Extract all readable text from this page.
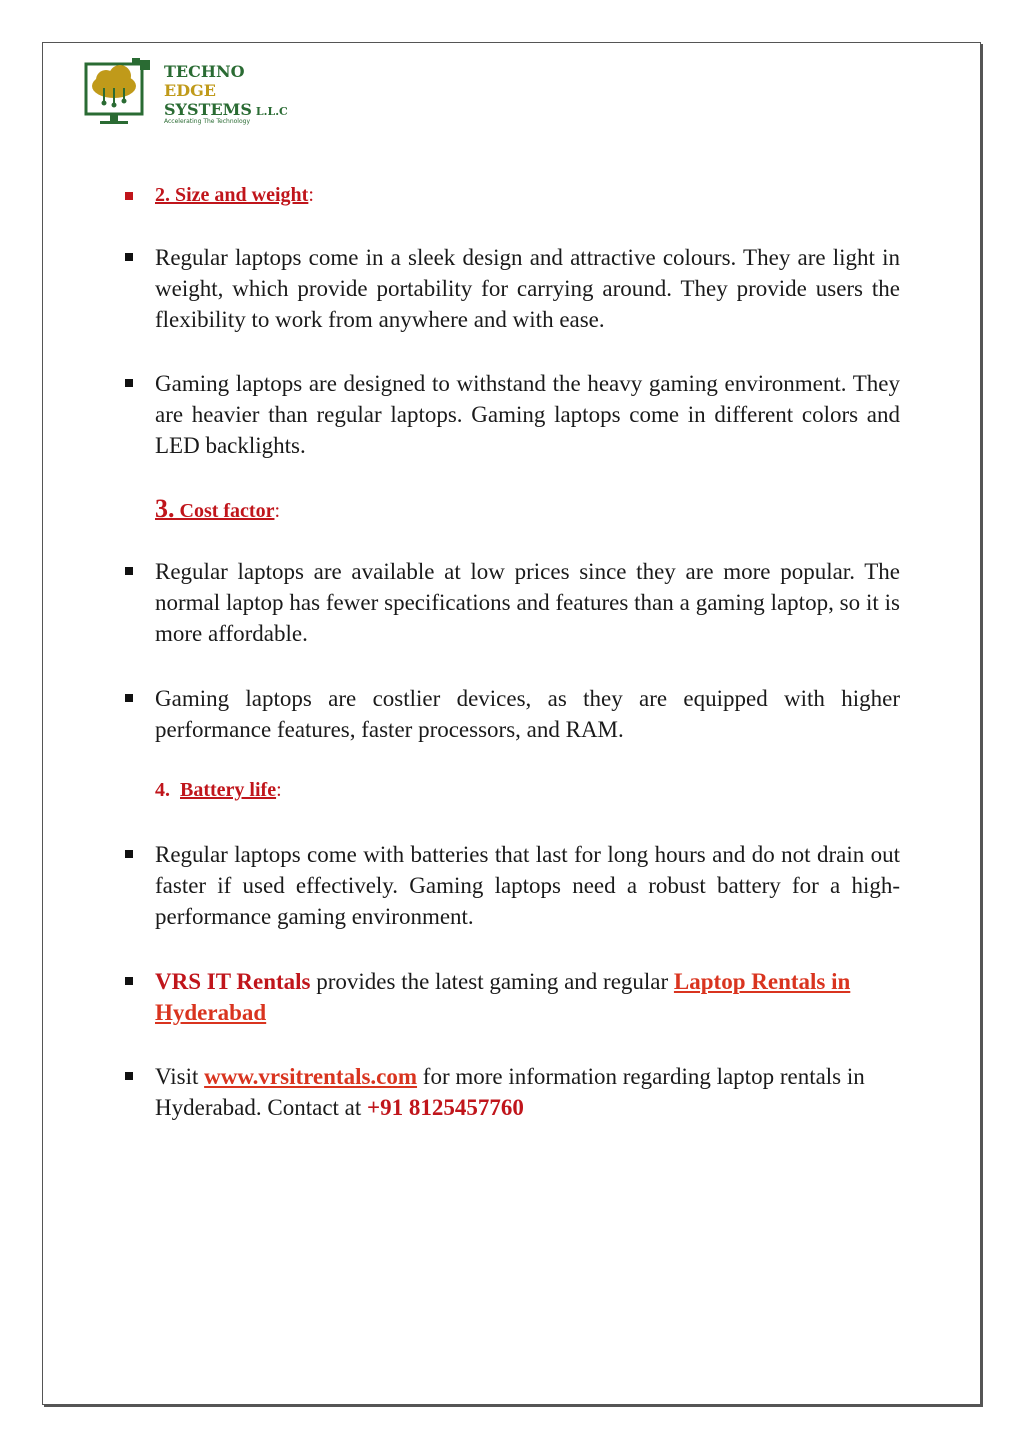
TECHNO
EDGE
SYSTEMS L.L.C
Accelerating The Technology
2. Size and weight:
Regular laptops come in a sleek design and attractive colours. They are light in weight, which provide portability for carrying around. They provide users the flexibility to work from anywhere and with ease.
Gaming laptops are designed to withstand the heavy gaming environment. They are heavier than regular laptops. Gaming laptops come in different colors and LED backlights.
3. Cost factor:
Regular laptops are available at low prices since they are more popular. The normal laptop has fewer specifications and features than a gaming laptop, so it is more affordable.
Gaming laptops are costlier devices, as they are equipped with higher performance features, faster processors, and RAM.
4. Battery life:
Regular laptops come with batteries that last for long hours and do not drain out faster if used effectively. Gaming laptops need a robust battery for a high-performance gaming environment.
VRS IT Rentals provides the latest gaming and regular Laptop Rentals in Hyderabad
Visit www.vrsitrentals.com for more information regarding laptop rentals in Hyderabad. Contact at +91 8125457760
